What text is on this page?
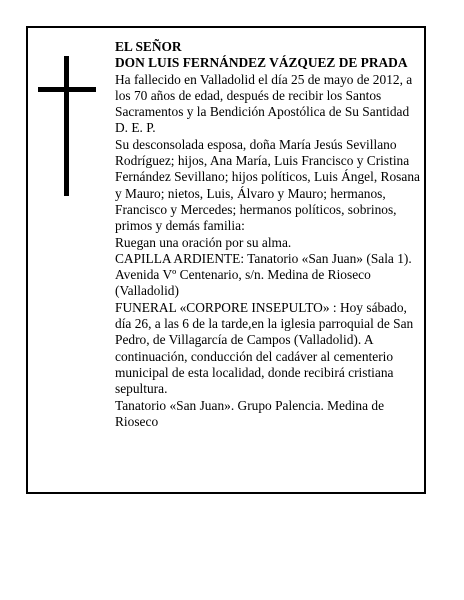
EL SEÑOR

DON LUIS FERNÁNDEZ VÁZQUEZ DE PRADA

Ha fallecido en Valladolid el día 25 de mayo de 2012, a los 70 años de edad, después de recibir los Santos Sacramentos y la Bendición Apostólica de Su Santidad D. E. P.

Su desconsolada esposa, doña María Jesús Sevillano Rodríguez; hijos, Ana María, Luis Francisco y Cristina Fernández Sevillano; hijos políticos, Luis Ángel, Rosana y Mauro; nietos, Luis, Álvaro y Mauro; hermanos, Francisco y Mercedes; hermanos políticos, sobrinos, primos y demás familia:

Ruegan una oración por su alma.

CAPILLA ARDIENTE: Tanatorio «San Juan» (Sala 1). Avenida Vº Centenario, s/n. Medina de Rioseco (Valladolid)

FUNERAL «CORPORE INSEPULTO» : Hoy sábado, día 26, a las 6 de la tarde,en la iglesia parroquial de San Pedro, de Villagarcía de Campos (Valladolid). A continuación, conducción del cadáver al cementerio municipal de esta localidad, donde recibirá cristiana sepultura.

Tanatorio «San Juan». Grupo Palencia. Medina de Rioseco
